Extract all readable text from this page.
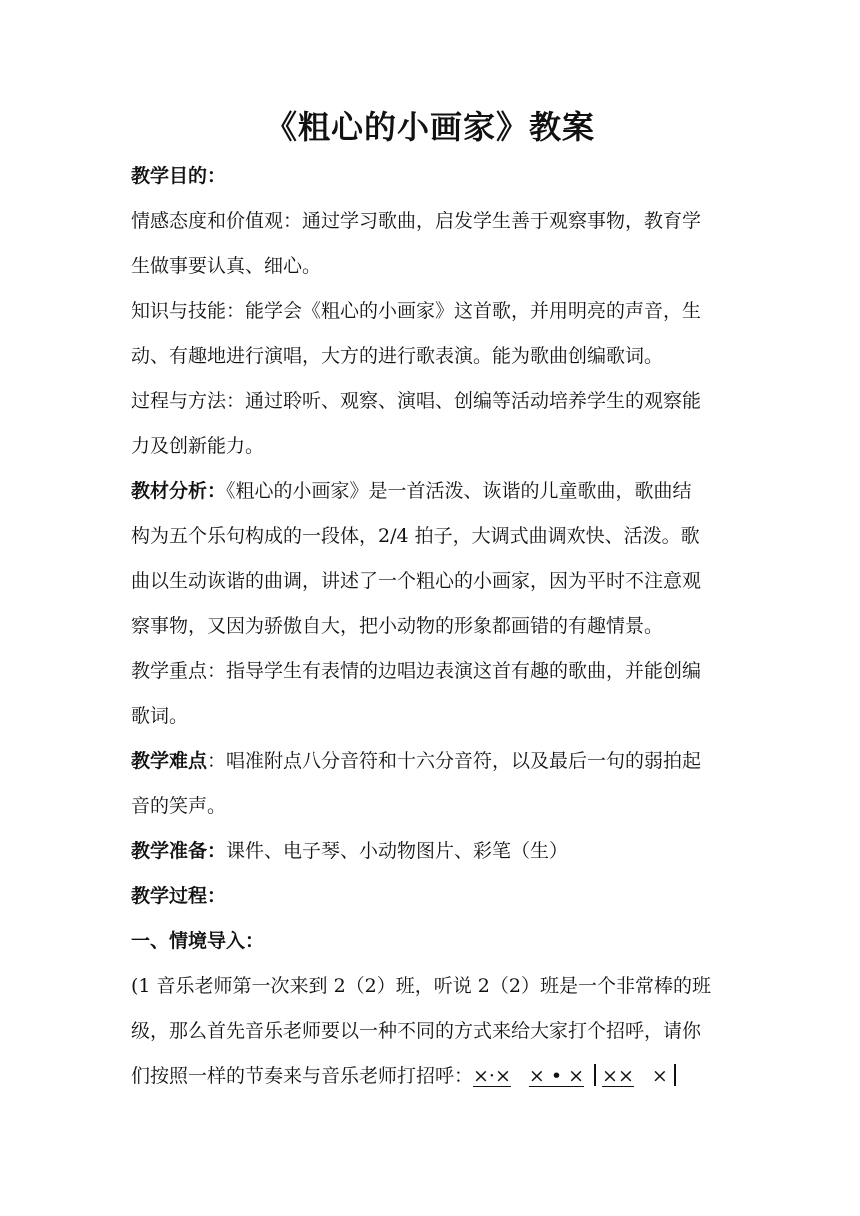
《粗心的小画家》教案
教学目的：
情感态度和价值观：通过学习歌曲，启发学生善于观察事物，教育学
生做事要认真、细心。
知识与技能：能学会《粗心的小画家》这首歌，并用明亮的声音，生
动、有趣地进行演唱，大方的进行歌表演。能为歌曲创编歌词。
过程与方法：通过聆听、观察、演唱、创编等活动培养学生的观察能
力及创新能力。
教材分析：《粗心的小画家》是一首活泼、诙谐的儿童歌曲，歌曲结
构为五个乐句构成的一段体，2/4 拍子，大调式曲调欢快、活泼。歌
曲以生动诙谐的曲调，讲述了一个粗心的小画家，因为平时不注意观
察事物，又因为骄傲自大，把小动物的形象都画错的有趣情景。
教学重点：指导学生有表情的边唱边表演这首有趣的歌曲，并能创编
歌词。
教学难点：唱准附点八分音符和十六分音符，以及最后一句的弱拍起
音的笑声。
教学准备：课件、电子琴、小动物图片、彩笔（生）
教学过程：
一、情境导入：
(1 音乐老师第一次来到 2（2）班，听说 2（2）班是一个非常棒的班
级，那么首先音乐老师要以一种不同的方式来给大家打个招呼，请你
们按照一样的节奏来与音乐老师打招呼：×·× × • × ×× ×
